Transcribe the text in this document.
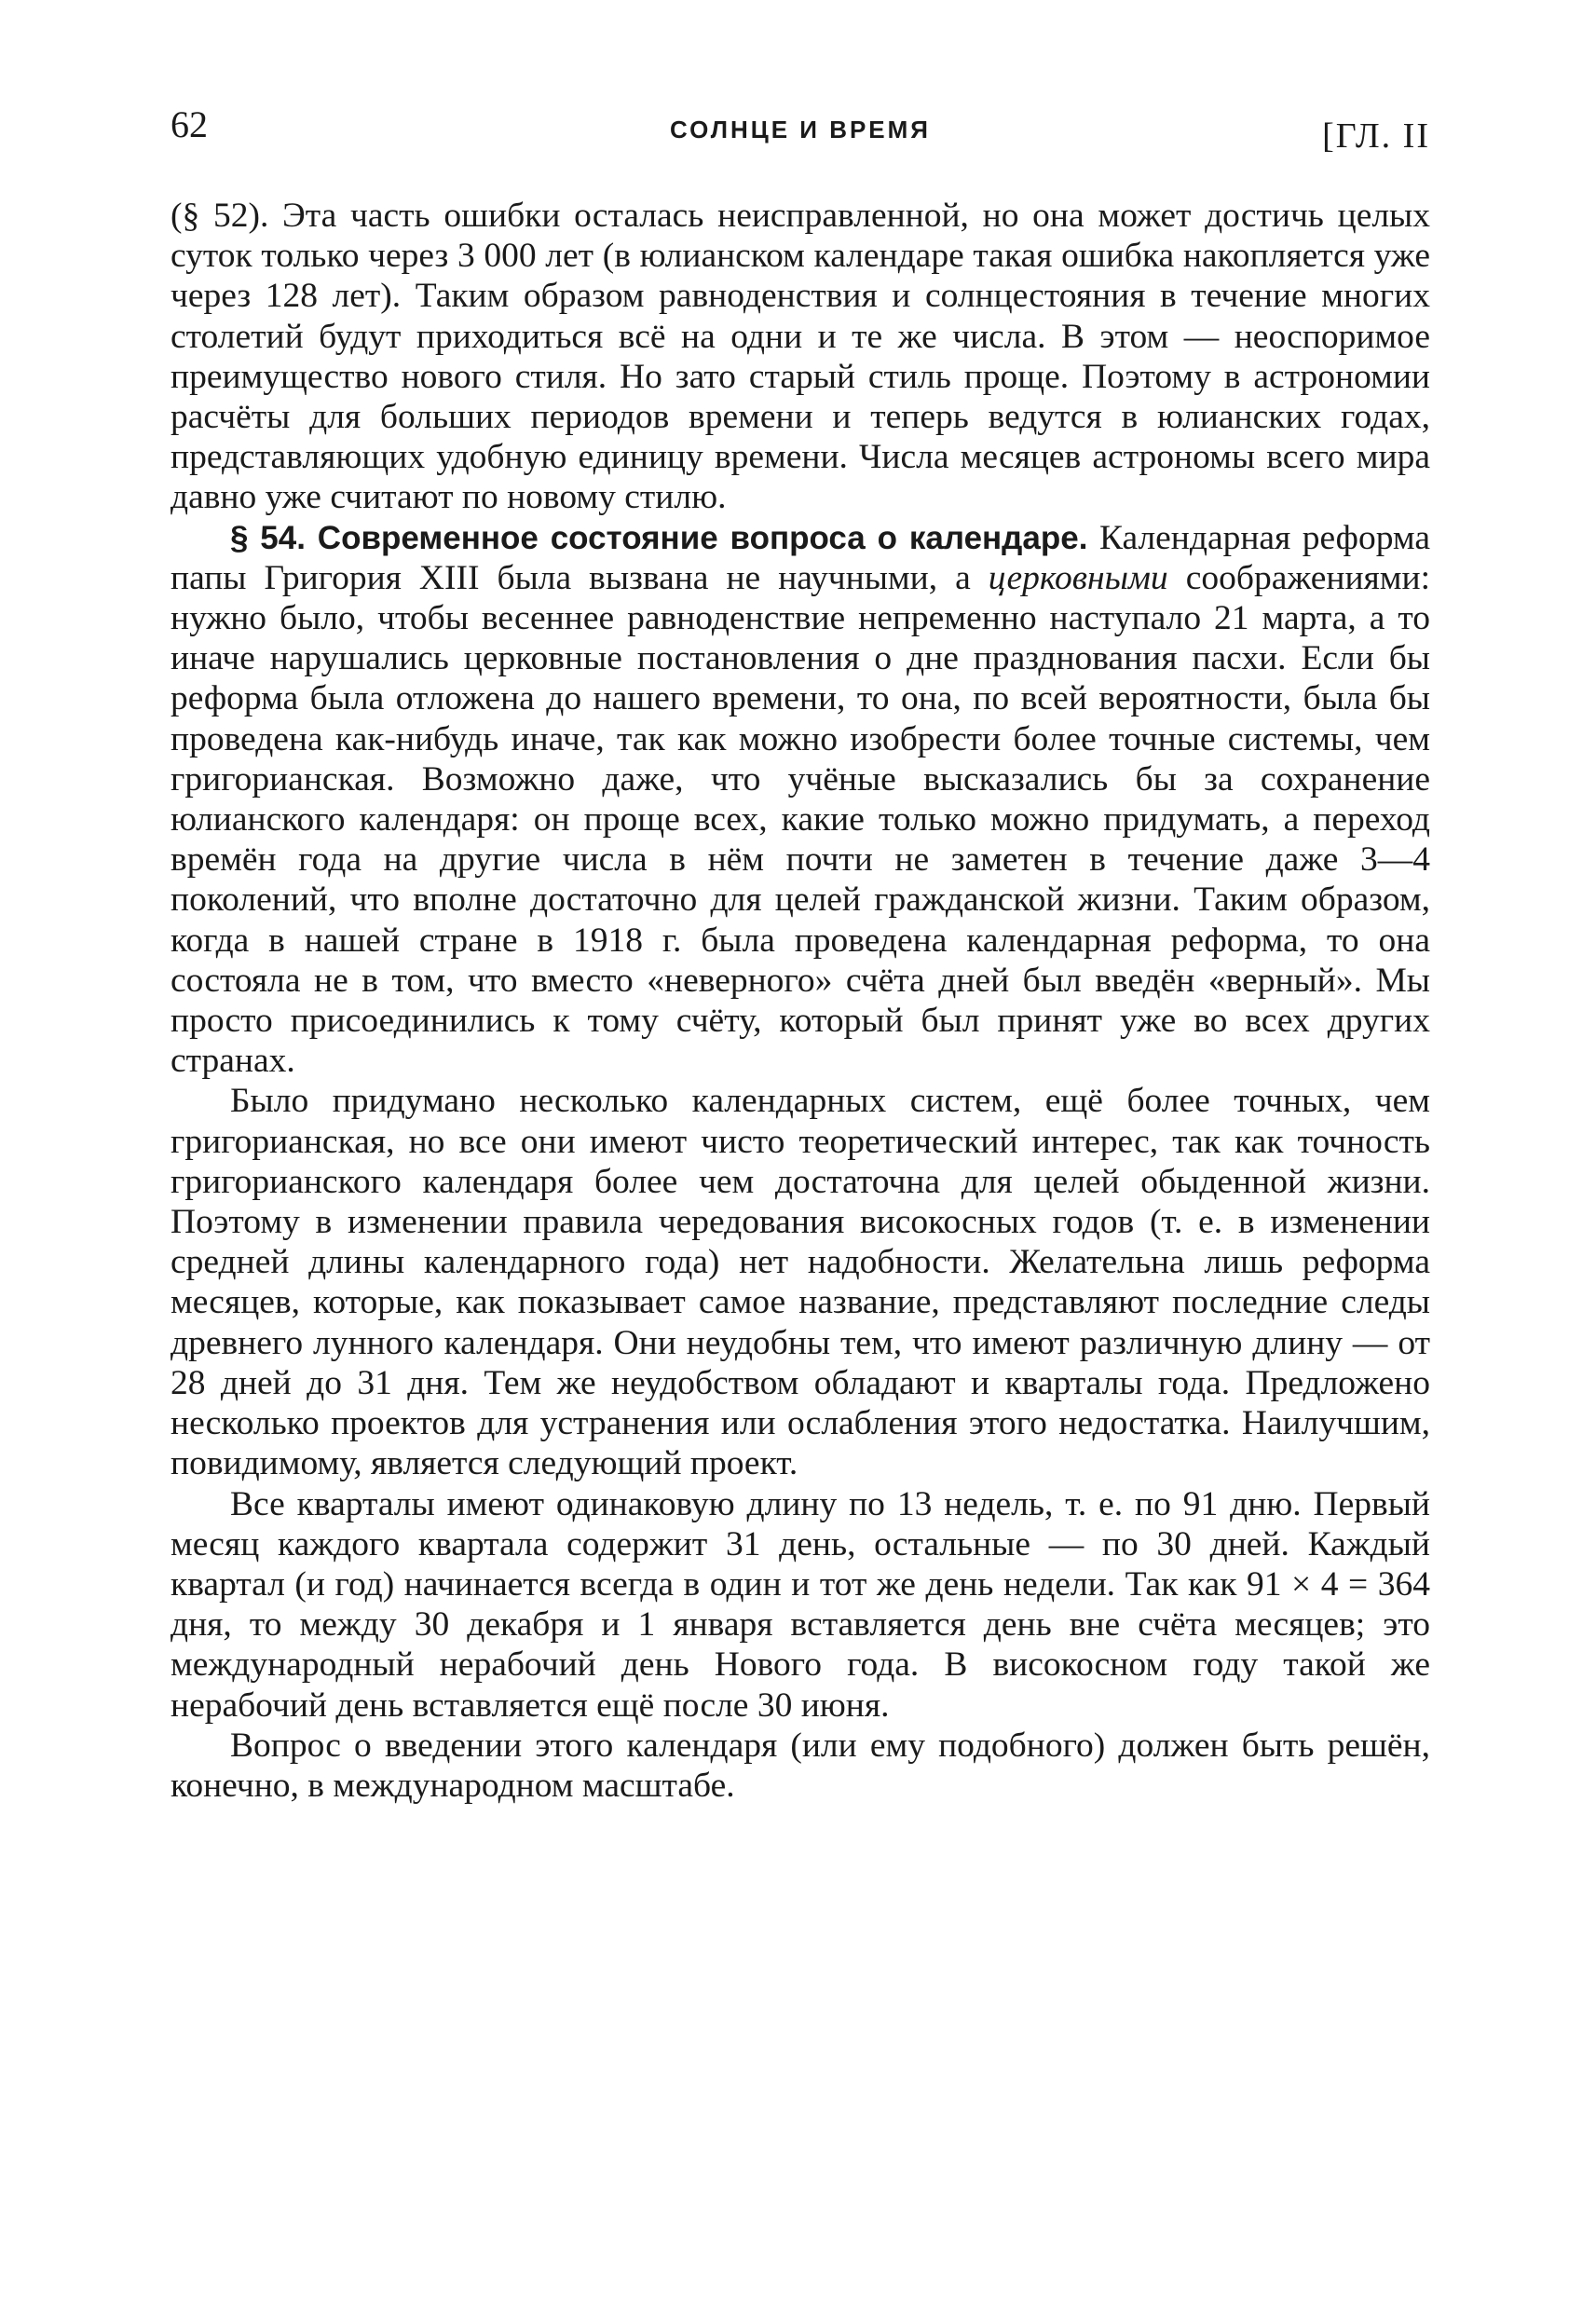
62	СОЛНЦЕ И ВРЕМЯ	[ГЛ. II

(§ 52). Эта часть ошибки осталась неисправленной, но она может достичь целых суток только через 3 000 лет (в юлианском календаре такая ошибка накопляется уже через 128 лет). Таким образом равноденствия и солнцестояния в течение многих столетий будут приходиться всё на одни и те же числа. В этом — неоспоримое преимущество нового стиля. Но зато старый стиль проще. Поэтому в астрономии расчёты для больших периодов времени и теперь ведутся в юлианских годах, представляющих удобную единицу времени. Числа месяцев астрономы всего мира давно уже считают по новому стилю.

§ 54. Современное состояние вопроса о календаре. Календарная реформа папы Григория XIII была вызвана не научными, а церковными соображениями: нужно было, чтобы весеннее равноденствие непременно наступало 21 марта, а то иначе нарушались церковные постановления о дне празднования пасхи. Если бы реформа была отложена до нашего времени, то она, по всей вероятности, была бы проведена как-нибудь иначе, так как можно изобрести более точные системы, чем григорианская. Возможно даже, что учёные высказались бы за сохранение юлианского календаря: он проще всех, какие только можно придумать, а переход времён года на другие числа в нём почти не заметен в течение даже 3—4 поколений, что вполне достаточно для целей гражданской жизни. Таким образом, когда в нашей стране в 1918 г. была проведена календарная реформа, то она состояла не в том, что вместо «неверного» счёта дней был введён «верный». Мы просто присоединились к тому счёту, который был принят уже во всех других странах.

Было придумано несколько календарных систем, ещё более точных, чем григорианская, но все они имеют чисто теоретический интерес, так как точность григорианского календаря более чем достаточна для целей обыденной жизни. Поэтому в изменении правила чередования високосных годов (т. е. в изменении средней длины календарного года) нет надобности. Желательна лишь реформа месяцев, которые, как показывает самое название, представляют последние следы древнего лунного календаря. Они неудобны тем, что имеют различную длину — от 28 дней до 31 дня. Тем же неудобством обладают и кварталы года. Предложено несколько проектов для устранения или ослабления этого недостатка. Наилучшим, повидимому, является следующий проект.

Все кварталы имеют одинаковую длину по 13 недель, т. е. по 91 дню. Первый месяц каждого квартала содержит 31 день, остальные — по 30 дней. Каждый квартал (и год) начинается всегда в один и тот же день недели. Так как 91 × 4 = 364 дня, то между 30 декабря и 1 января вставляется день вне счёта месяцев; это международный нерабочий день Нового года. В високосном году такой же нерабочий день вставляется ещё после 30 июня.

Вопрос о введении этого календаря (или ему подобного) должен быть решён, конечно, в международном масштабе.
